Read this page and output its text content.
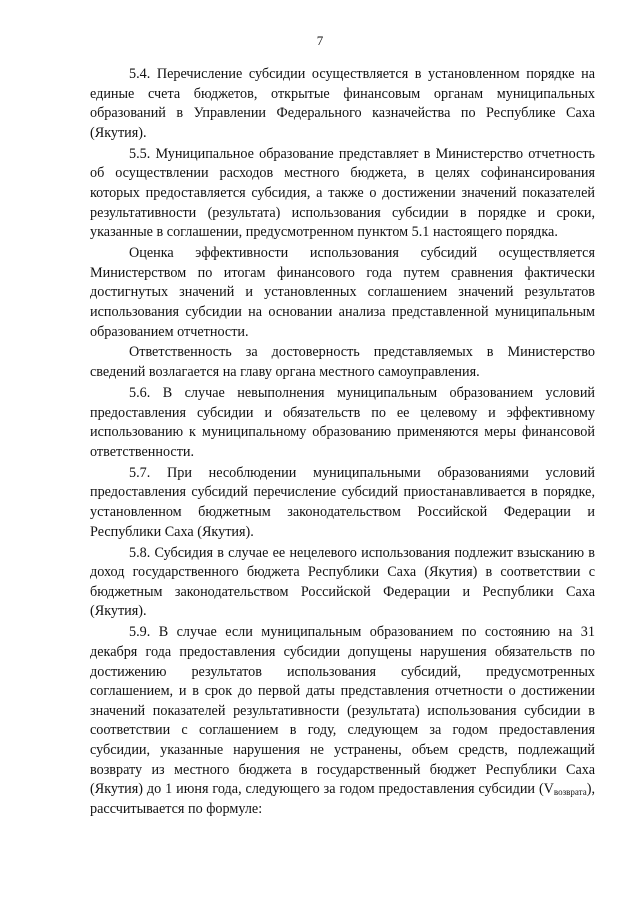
7

5.4. Перечисление субсидии осуществляется в установленном порядке на единые счета бюджетов, открытые финансовым органам муниципальных образований в Управлении Федерального казначейства по Республике Саха (Якутия).

5.5. Муниципальное образование представляет в Министерство отчетность об осуществлении расходов местного бюджета, в целях софинансирования которых предоставляется субсидия, а также о достижении значений показателей результативности (результата) использования субсидии в порядке и сроки, указанные в соглашении, предусмотренном пунктом 5.1 настоящего порядка.

Оценка эффективности использования субсидий осуществляется Министерством по итогам финансового года путем сравнения фактически достигнутых значений и установленных соглашением значений результатов использования субсидии на основании анализа представленной муниципальным образованием отчетности.

Ответственность за достоверность представляемых в Министерство сведений возлагается на главу органа местного самоуправления.

5.6. В случае невыполнения муниципальным образованием условий предоставления субсидии и обязательств по ее целевому и эффективному использованию к муниципальному образованию применяются меры финансовой ответственности.

5.7. При несоблюдении муниципальными образованиями условий предоставления субсидий перечисление субсидий приостанавливается в порядке, установленном бюджетным законодательством Российской Федерации и Республики Саха (Якутия).

5.8. Субсидия в случае ее нецелевого использования подлежит взысканию в доход государственного бюджета Республики Саха (Якутия) в соответствии с бюджетным законодательством Российской Федерации и Республики Саха (Якутия).

5.9. В случае если муниципальным образованием по состоянию на 31 декабря года предоставления субсидии допущены нарушения обязательств по достижению результатов использования субсидий, предусмотренных соглашением, и в срок до первой даты представления отчетности о достижении значений показателей результативности (результата) использования субсидии в соответствии с соглашением в году, следующем за годом предоставления субсидии, указанные нарушения не устранены, объем средств, подлежащий возврату из местного бюджета в государственный бюджет Республики Саха (Якутия) до 1 июня года, следующего за годом предоставления субсидии $(V_{возврата})$, рассчитывается по формуле:
